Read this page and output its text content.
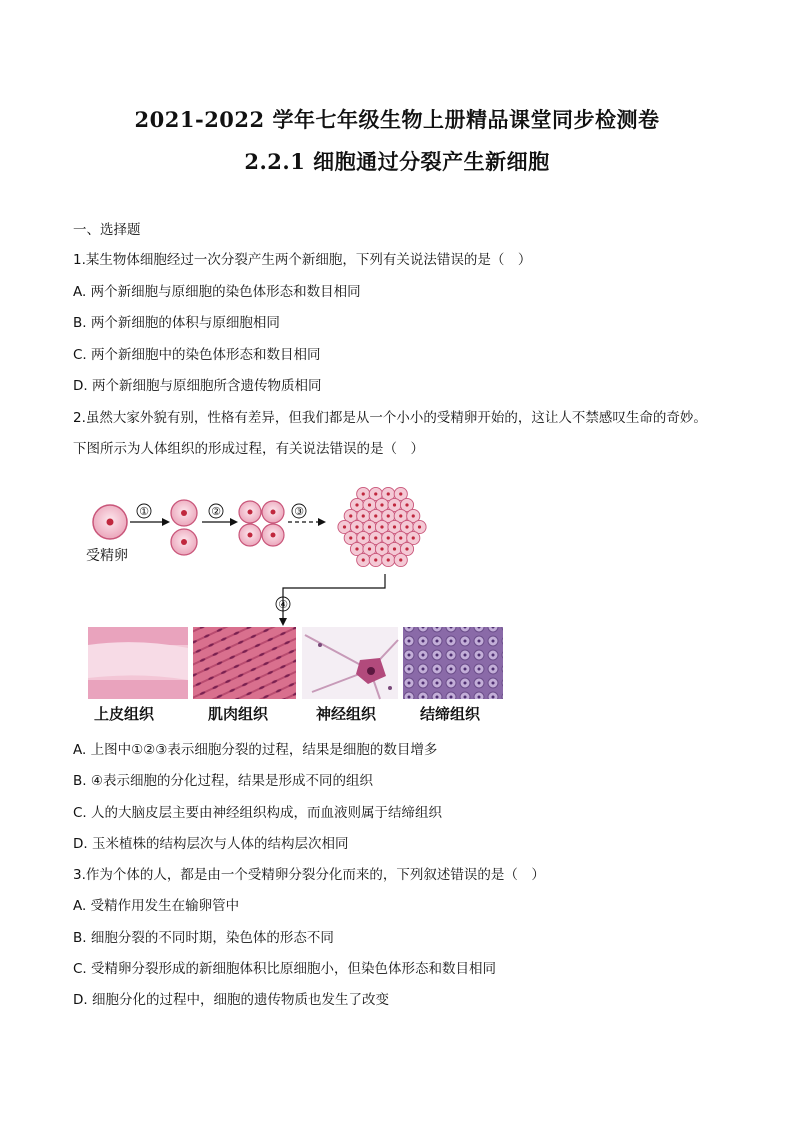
2021-2022 学年七年级生物上册精品课堂同步检测卷
2.2.1 细胞通过分裂产生新细胞
一、选择题
1.某生物体细胞经过一次分裂产生两个新细胞，下列有关说法错误的是（　）
A. 两个新细胞与原细胞的染色体形态和数目相同
B. 两个新细胞的体积与原细胞相同
C. 两个新细胞中的染色体形态和数目相同
D. 两个新细胞与原细胞所含遗传物质相同
2.虽然大家外貌有别，性格有差异，但我们都是从一个小小的受精卵开始的，这让人不禁感叹生命的奇妙。
下图所示为人体组织的形成过程，有关说法错误的是（　）
受精卵
①	②	③
④
上皮组织	肌肉组织	神经组织	结缔组织
A. 上图中①②③表示细胞分裂的过程，结果是细胞的数目增多
B. ④表示细胞的分化过程，结果是形成不同的组织
C. 人的大脑皮层主要由神经组织构成，而血液则属于结缔组织
D. 玉米植株的结构层次与人体的结构层次相同
3.作为个体的人，都是由一个受精卵分裂分化而来的，下列叙述错误的是（　）
A. 受精作用发生在输卵管中
B. 细胞分裂的不同时期，染色体的形态不同
C. 受精卵分裂形成的新细胞体积比原细胞小，但染色体形态和数目相同
D. 细胞分化的过程中，细胞的遗传物质也发生了改变
